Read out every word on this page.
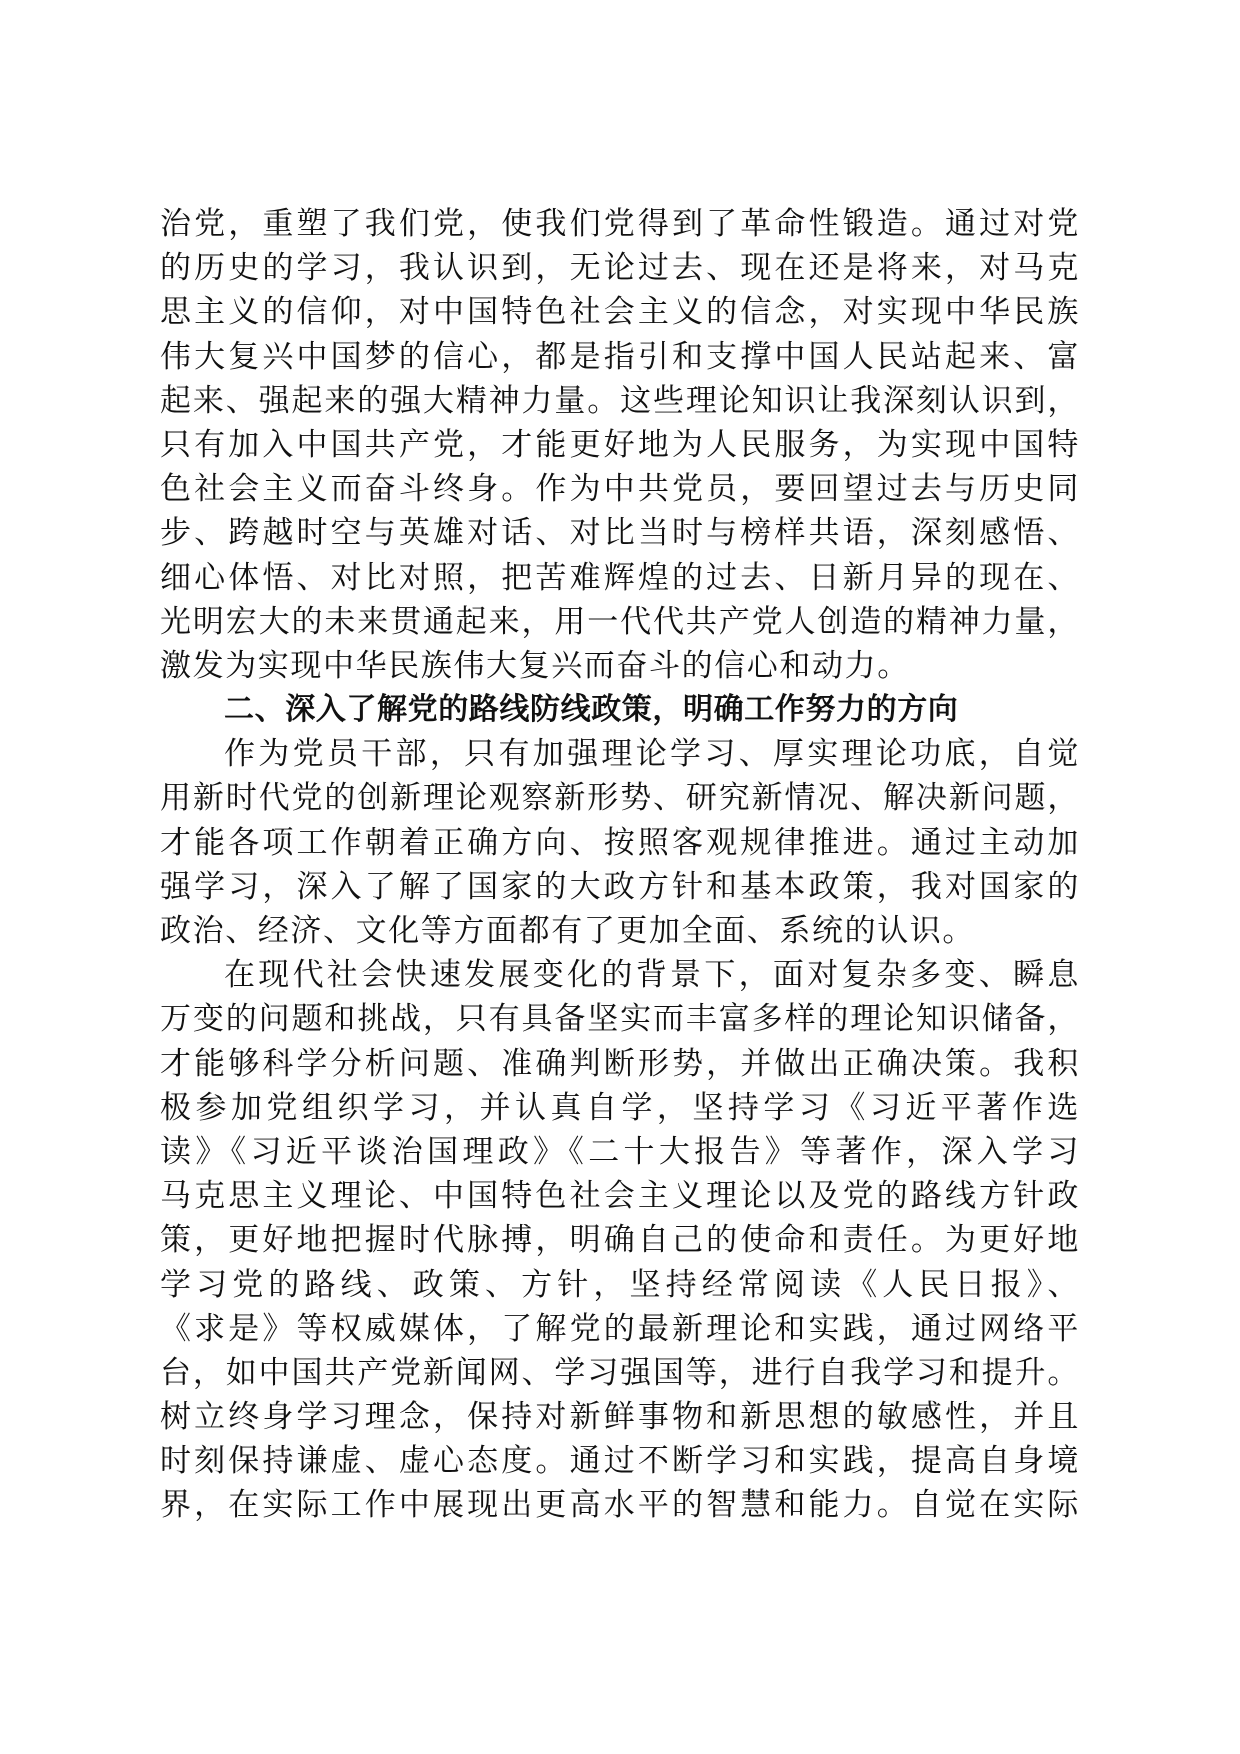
治党，重塑了我们党，使我们党得到了革命性锻造。通过对党
的历史的学习，我认识到，无论过去、现在还是将来，对马克
思主义的信仰，对中国特色社会主义的信念，对实现中华民族
伟大复兴中国梦的信心，都是指引和支撑中国人民站起来、富
起来、强起来的强大精神力量。这些理论知识让我深刻认识到，
只有加入中国共产党，才能更好地为人民服务，为实现中国特
色社会主义而奋斗终身。作为中共党员，要回望过去与历史同
步、跨越时空与英雄对话、对比当时与榜样共语，深刻感悟、
细心体悟、对比对照，把苦难辉煌的过去、日新月异的现在、
光明宏大的未来贯通起来，用一代代共产党人创造的精神力量，
激发为实现中华民族伟大复兴而奋斗的信心和动力。
二、深入了解党的路线防线政策，明确工作努力的方向
作为党员干部，只有加强理论学习、厚实理论功底，自觉
用新时代党的创新理论观察新形势、研究新情况、解决新问题，
才能各项工作朝着正确方向、按照客观规律推进。通过主动加
强学习，深入了解了国家的大政方针和基本政策，我对国家的
政治、经济、文化等方面都有了更加全面、系统的认识。
在现代社会快速发展变化的背景下，面对复杂多变、瞬息
万变的问题和挑战，只有具备坚实而丰富多样的理论知识储备，
才能够科学分析问题、准确判断形势，并做出正确决策。我积
极参加党组织学习，并认真自学，坚持学习《习近平著作选
读》《习近平谈治国理政》《二十大报告》等著作，深入学习
马克思主义理论、中国特色社会主义理论以及党的路线方针政
策，更好地把握时代脉搏，明确自己的使命和责任。为更好地
学习党的路线、政策、方针，坚持经常阅读《人民日报》、
《求是》等权威媒体，了解党的最新理论和实践，通过网络平
台，如中国共产党新闻网、学习强国等，进行自我学习和提升。
树立终身学习理念，保持对新鲜事物和新思想的敏感性，并且
时刻保持谦虚、虚心态度。通过不断学习和实践，提高自身境
界，在实际工作中展现出更高水平的智慧和能力。自觉在实际
